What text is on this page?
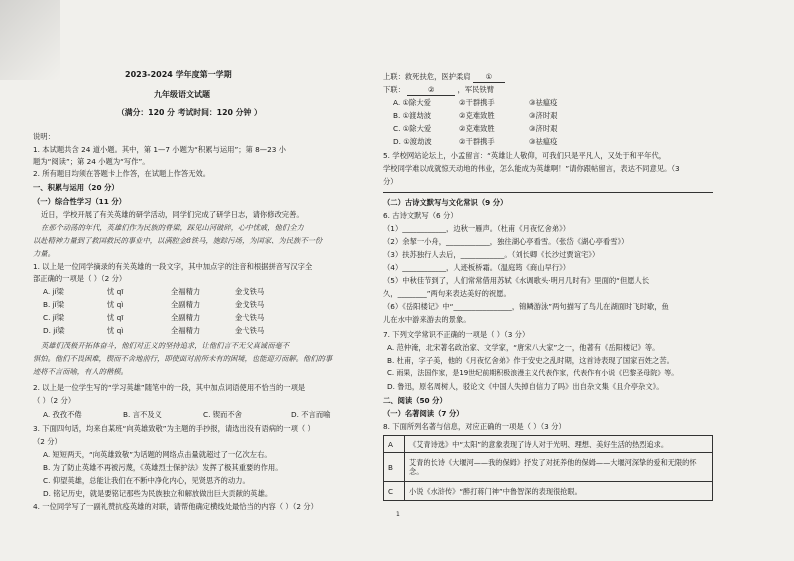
2023-2024 学年度第一学期
九年级语文试题
（满分：120 分 考试时间：120 分钟 ）
说明：
1. 本试题共含 24 道小题。其中，第 1—7 小题为“积累与运用”；第 8—23 小
题为“阅读”；第 24 小题为“写作”。
2. 所有题目均须在答题卡上作答，在试题上作答无效。
一、积累与运用（20 分）
（一）综合性学习（11 分）
近日，学校开展了有关英雄的研学活动，同学们完成了研学日志，请你修改完善。
在那个动荡的年代，英雄们作为民族的脊梁，踩见山河破碎，心中忧戚，他们全力
以赴精神力量到了救国救民的事业中，以满腔金8铁马，施踪污场，为国家、为民族不一份
力量。
1. 以上是一位同学摘录的有关英雄的一段文字，其中加点字的注音和根据拼音写汉字全
部正确的一项是（ ）（2 分）
A. jí梁	忧 qī	全福精力	金戈铁马
B. jǐ梁	忧 qì	全副精力	金戈铁马
C. jǐ梁	忧 qī	全副精力	金弋铁马
D. jí梁	忧 qì	全福精力	金弋铁马
英雄们茂极开拓体奋斗，他们对正义的坚持追求，让他们言不无父真诚而毫不
惧怕。他们不畏困难，锲而不舍地前行，即使面对前所未有的困境，也能迎刃而解。他们的事
迹将不言而喻，有人的楷模。
2. 以上是一位学生写的“学习英雄”随笔中的一段，其中加点词语使用不恰当的一项是
（ ）（2 分）
A. 孜孜不倦	B. 言不及义	C. 锲而不舍	D. 不言而喻
3. 下面四句话，均来自某班“向英雄致敬”为主题的手抄报，请选出没有语病的一项（ ）
（2 分）
A. 短短两天，“向英雄致敬”为话题的网络点击量就超过了一亿次左右。
B. 为了防止英雄不再被污蔑，《英雄烈士保护法》发挥了极其重要的作用。
C. 仰望英雄，总能让我们在不断中净化内心，见贤思齐的动力。
D. 铭记历史，就是要铭记那些为民族独立和解放做出巨大贡献的英雄。
4. 一位同学写了一副礼赞抗疫英雄的对联，请帮他确定横线处最恰当的内容（ ）（2 分）
上联：救死扶危，医护柔肩 ①
下联：	②	，军民铁臂
A. ①除大爱	②干群携手	③祛瘟疫
B. ①渡劫波	②克难致胜	③济时艰
C. ①除大爱	②克难致胜	③济时艰
D. ①渡劫波	②干群携手	③祛瘟疫
5. 学校网站论坛上，小孟留言：“英雄让人敬仰，可我们只是平凡人，又处于和平年代，
学校同学难以成就惊天动地的伟业，怎么能成为英雄啊！”请你跟帖留言，表达不同意见。（3
分）
（二）古诗文默写与文化常识（9 分）
6. 古诗文默写（6 分）
（1）____________，边秋一雁声。（杜甫《月夜忆舍弟》）
（2）余挈一小舟，____________，独往湖心亭看雪。（张岱《湖心亭看雪》）
（3）扶苏独行人去后，____________。（刘长卿《长沙过贾谊宅》）
（4）____________，人迹板桥霜。（温庭筠《商山早行》）
（5）中秋佳节到了，人们常常借用苏轼《水调歌头·明月几时有》里面的“但愿人长
久，________”两句来表达美好的祝愿。
（6）《岳阳楼记》中“________________，锦鳞游泳”两句描写了鸟儿在湖面时飞时歇，鱼
儿在水中游来游去的景象。
7. 下列文学常识不正确的一项是（ ）（3 分）
A. 范仲淹，北宋著名政治家、文学家，“唐宋八大家”之一，他著有《岳阳楼记》等。
B. 杜甫，字子美，他的《月夜忆舍弟》作于安史之乱时期，这首诗表现了国家百姓之苦。
C. 雨果，法国作家，是19世纪前期积极浪漫主义代表作家，代表作有小说《巴黎圣母院》等。
D. 鲁迅，原名周树人，驳论文《中国人失掉自信力了吗》出自杂文集《且介亭杂文》。
二、阅读（50 分）
（一）名著阅读（7 分）
8. 下面所列名著与信息，对应正确的一项是（ ）（3 分）
A	《艾青诗选》中“太阳”的意象表现了诗人对于光明、理想、美好生活的热烈追求。
B	艾青的长诗《大堰河——我的保姆》抒发了对抚养他的保姆——大堰河深挚的爱和无限的怀念。
C	小说《水浒传》“醉打蒋门神”中鲁智深的表现很抢眼。
1
